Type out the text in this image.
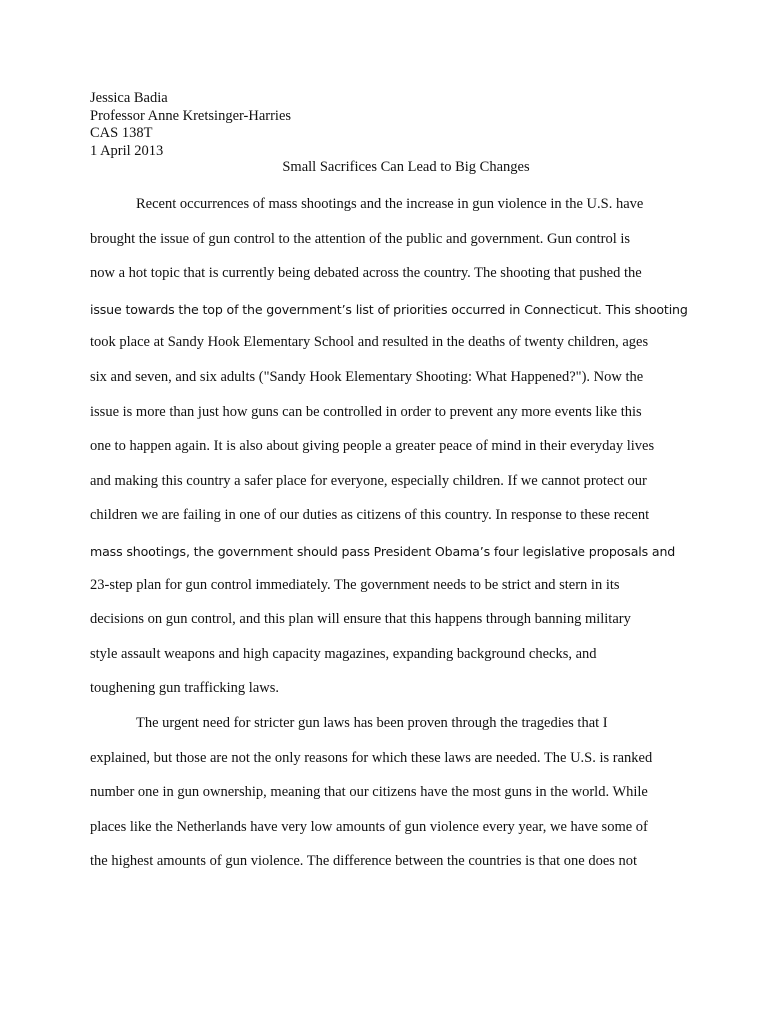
Jessica Badia
Professor Anne Kretsinger-Harries
CAS 138T
1 April 2013
Small Sacrifices Can Lead to Big Changes
Recent occurrences of mass shootings and the increase in gun violence in the U.S. have
brought the issue of gun control to the attention of the public and government. Gun control is
now a hot topic that is currently being debated across the country. The shooting that pushed the
issue towards the top of the government’s list of priorities occurred in Connecticut. This shooting
took place at Sandy Hook Elementary School and resulted in the deaths of twenty children, ages
six and seven, and six adults ("Sandy Hook Elementary Shooting: What Happened?"). Now the
issue is more than just how guns can be controlled in order to prevent any more events like this
one to happen again. It is also about giving people a greater peace of mind in their everyday lives
and making this country a safer place for everyone, especially children. If we cannot protect our
children we are failing in one of our duties as citizens of this country. In response to these recent
mass shootings, the government should pass President Obama’s four legislative proposals and
23-step plan for gun control immediately. The government needs to be strict and stern in its
decisions on gun control, and this plan will ensure that this happens through banning military
style assault weapons and high capacity magazines, expanding background checks, and
toughening gun trafficking laws.
The urgent need for stricter gun laws has been proven through the tragedies that I
explained, but those are not the only reasons for which these laws are needed. The U.S. is ranked
number one in gun ownership, meaning that our citizens have the most guns in the world. While
places like the Netherlands have very low amounts of gun violence every year, we have some of
the highest amounts of gun violence. The difference between the countries is that one does not
